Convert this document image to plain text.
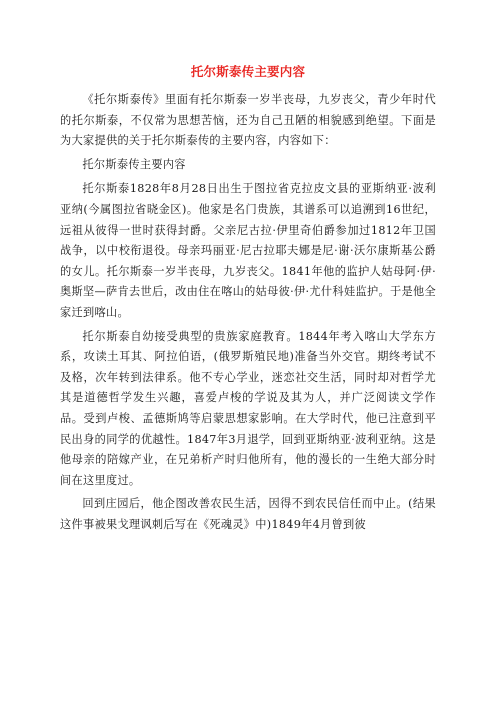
托尔斯泰传主要内容

《托尔斯泰传》里面有托尔斯泰一岁半丧母，九岁丧父，青少年时代的托尔斯泰，不仅常为思想苦恼，还为自己丑陋的相貌感到绝望。下面是为大家提供的关于托尔斯泰传的主要内容，内容如下：

托尔斯泰传主要内容

托尔斯泰1828年8月28日出生于图拉省克拉皮文县的亚斯纳亚·波利亚纳(今属图拉省晓金区)。他家是名门贵族，其谱系可以追溯到16世纪，远祖从彼得一世时获得封爵。父亲尼古拉·伊里奇伯爵参加过1812年卫国战争，以中校衔退役。母亲玛丽亚·尼古拉耶夫娜是尼·谢·沃尔康斯基公爵的女儿。托尔斯泰一岁半丧母，九岁丧父。1841年他的监护人姑母阿·伊·奥斯坚—萨肯去世后，改由住在喀山的姑母彼·伊·尤什科娃监护。于是他全家迁到喀山。

托尔斯泰自幼接受典型的贵族家庭教育。1844年考入喀山大学东方系，攻读土耳其、阿拉伯语，(俄罗斯殖民地)准备当外交官。期终考试不及格，次年转到法律系。他不专心学业，迷恋社交生活，同时却对哲学尤其是道德哲学发生兴趣，喜爱卢梭的学说及其为人，并广泛阅读文学作品。受到卢梭、孟德斯鸠等启蒙思想家影响。在大学时代，他已注意到平民出身的同学的优越性。1847年3月退学，回到亚斯纳亚·波利亚纳。这是他母亲的陪嫁产业，在兄弟析产时归他所有，他的漫长的一生绝大部分时间在这里度过。

回到庄园后，他企图改善农民生活，因得不到农民信任而中止。(结果这件事被果戈理讽刺后写在《死魂灵》中)1849年4月曾到彼
